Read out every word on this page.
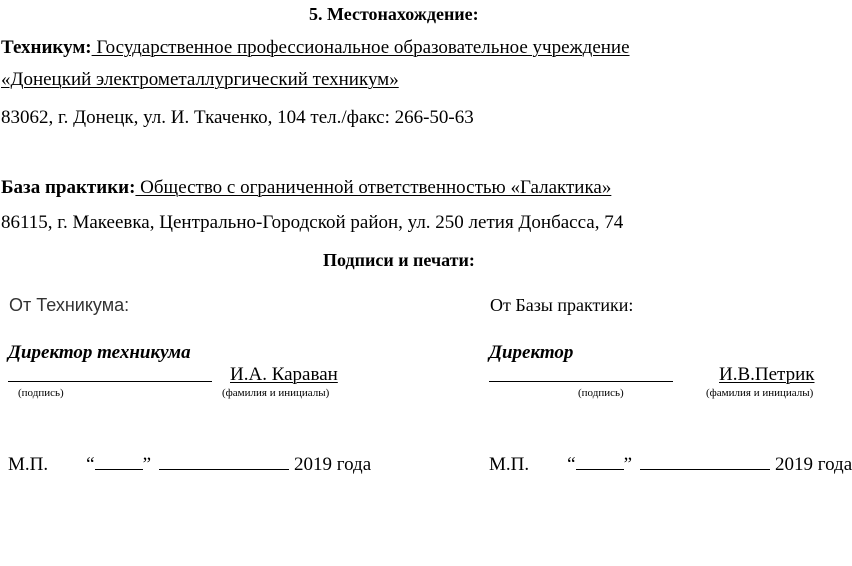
5. Местонахождение:
Техникум: Государственное профессиональное образовательное учреждение
«Донецкий электрометаллургический техникум»
83062, г. Донецк, ул. И. Ткаченко, 104 тел./факс: 266-50-63
База практики: Общество с ограниченной ответственностью «Галактика»
86115, г. Макеевка, Центрально-Городской район, ул. 250 летия Донбасса, 74
Подписи и печати:
От Техникума:
Директор техникума
И.А. Караван
(подпись)	(фамилия и инициалы)
М.П. “	”	2019 года
От Базы практики:
Директор
И.В.Петрик
(подпись)	(фамилия и инициалы)
М.П. “	”	2019 года
